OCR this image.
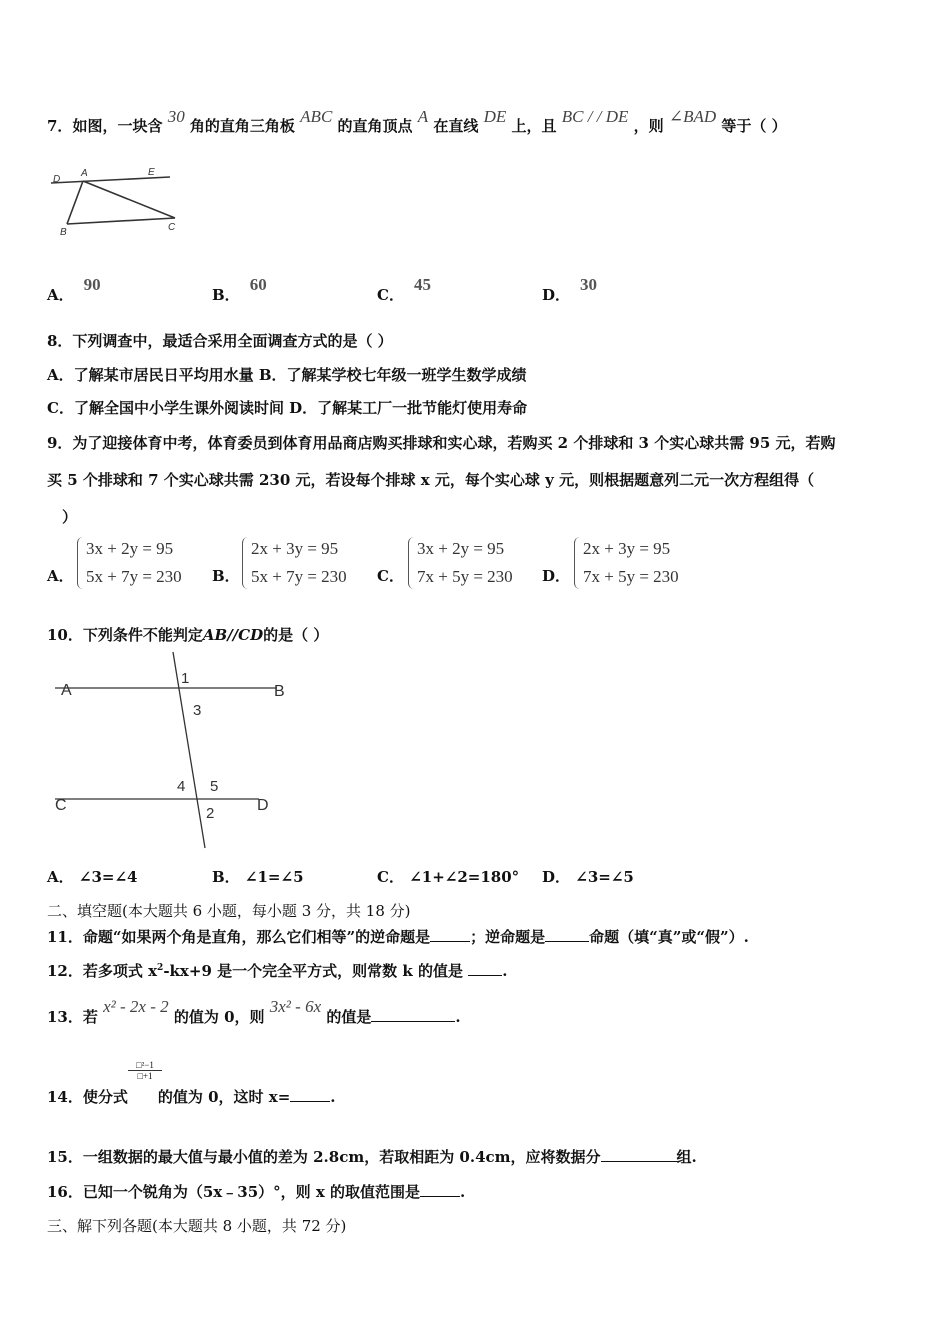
7．如图，一块含 30 角的直角三角板 ABC 的直角顶点 A 在直线 DE 上，且 BC / / DE ，则 ∠BAD 等于（ ）
D
A	E
B	C
A．90
B．60
C．45
D．30
8．下列调查中，最适合采用全面调查方式的是（ ）
A．了解某市居民日平均用水量 B．了解某学校七年级一班学生数学成绩
C．了解全国中小学生课外阅读时间 D．了解某工厂一批节能灯使用寿命
9．为了迎接体育中考，体育委员到体育用品商店购买排球和实心球，若购买 2 个排球和 3 个实心球共需 95 元，若购
买 5 个排球和 7 个实心球共需 230 元，若设每个排球 x 元，每个实心球 y 元，则根据题意列二元一次方程组得（
）
A．
3x + 2y = 95
5x + 7y = 230 B．
2x + 3y = 95
5x + 7y = 230 C．
3x + 2y = 95
7x + 5y = 230 D．
2x + 3y = 95
7x + 5y = 230
10．下列条件不能判定AB//CD的是（ ）
A	B
C	D
1
3
4 5
2
A． ∠3=∠4	B． ∠1=∠5	C． ∠1+∠2=180° D． ∠3=∠5
二、填空题(本大题共 6 小题，每小题 3 分，共 18 分)
11．命题“如果两个角是直角，那么它们相等”的逆命题是	；逆命题是	命题（填“真”或“假”）.
12．若多项式 $x^2-kx+9$ 是一个完全平方式，则常数 k 的值是	.
13．若 x² - 2x - 2 的值为 0，则 3x² - 6x 的值是	.
$\frac{\text{□²−1}}{□+1}$
14．使分式 的值为 0，这时 x=	.
15．一组数据的最大值与最小值的差为 2.8cm，若取相距为 0.4cm，应将数据分	组.
16．已知一个锐角为（5x﹣35）°，则 x 的取值范围是	.
三、解下列各题(本大题共 8 小题，共 72 分)
